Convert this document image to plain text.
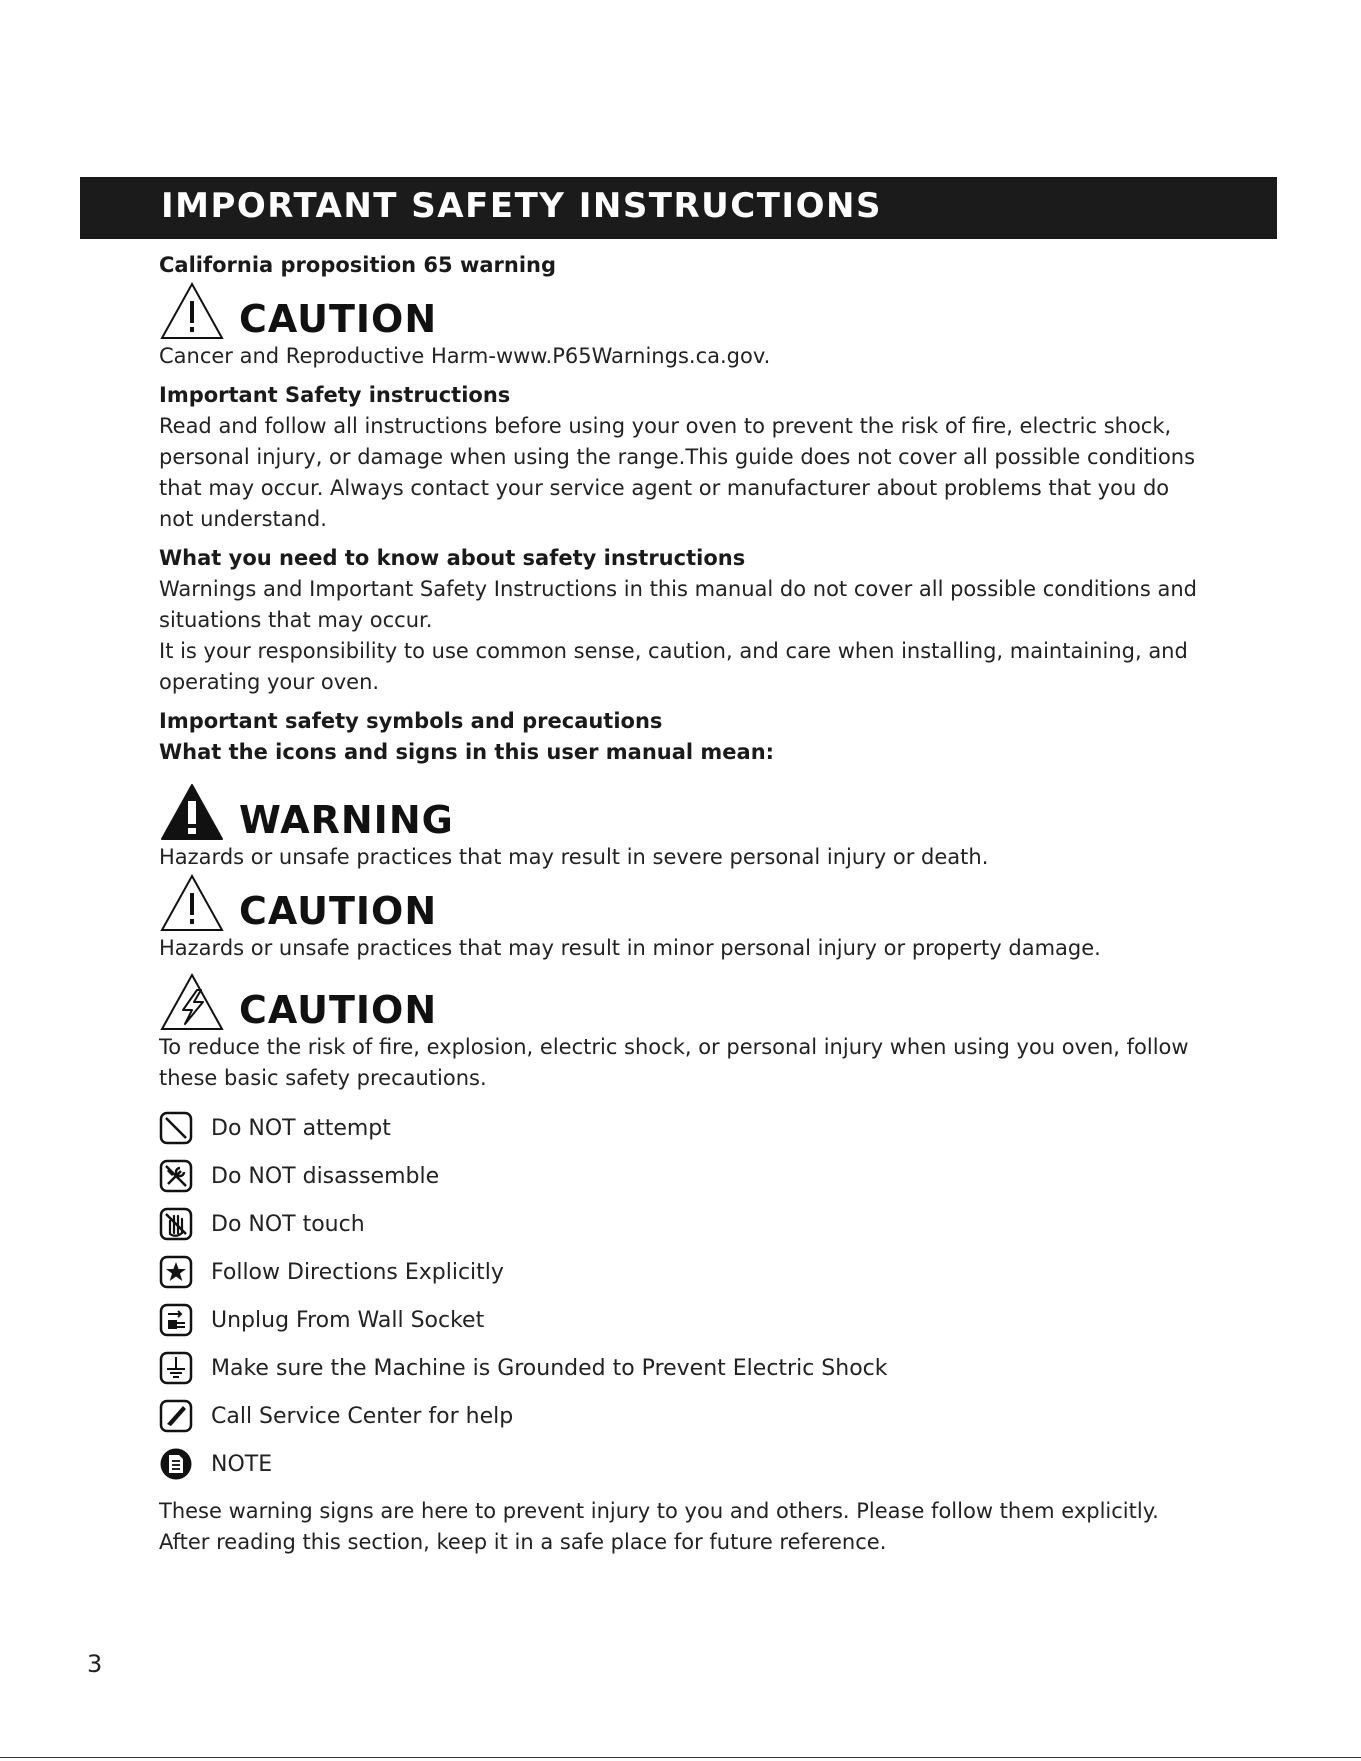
IMPORTANT SAFETY INSTRUCTIONS

California proposition 65 warning

CAUTION

Cancer and Reproductive Harm-www.P65Warnings.ca.gov.

Important Safety instructions

Read and follow all instructions before using your oven to prevent the risk of fire, electric shock, personal injury, or damage when using the range.This guide does not cover all possible conditions that may occur. Always contact your service agent or manufacturer about problems that you do not understand.

What you need to know about safety instructions

Warnings and Important Safety Instructions in this manual do not cover all possible conditions and situations that may occur.

It is your responsibility to use common sense, caution, and care when installing, maintaining, and operating your oven.

Important safety symbols and precautions

What the icons and signs in this user manual mean:

WARNING

Hazards or unsafe practices that may result in severe personal injury or death.

CAUTION

Hazards or unsafe practices that may result in minor personal injury or property damage.

CAUTION

To reduce the risk of fire, explosion, electric shock, or personal injury when using you oven, follow these basic safety precautions.

Do NOT attempt
Do NOT disassemble
Do NOT touch
Follow Directions Explicitly
Unplug From Wall Socket
Make sure the Machine is Grounded to Prevent Electric Shock
Call Service Center for help
NOTE

These warning signs are here to prevent injury to you and others. Please follow them explicitly.

After reading this section, keep it in a safe place for future reference.

3
